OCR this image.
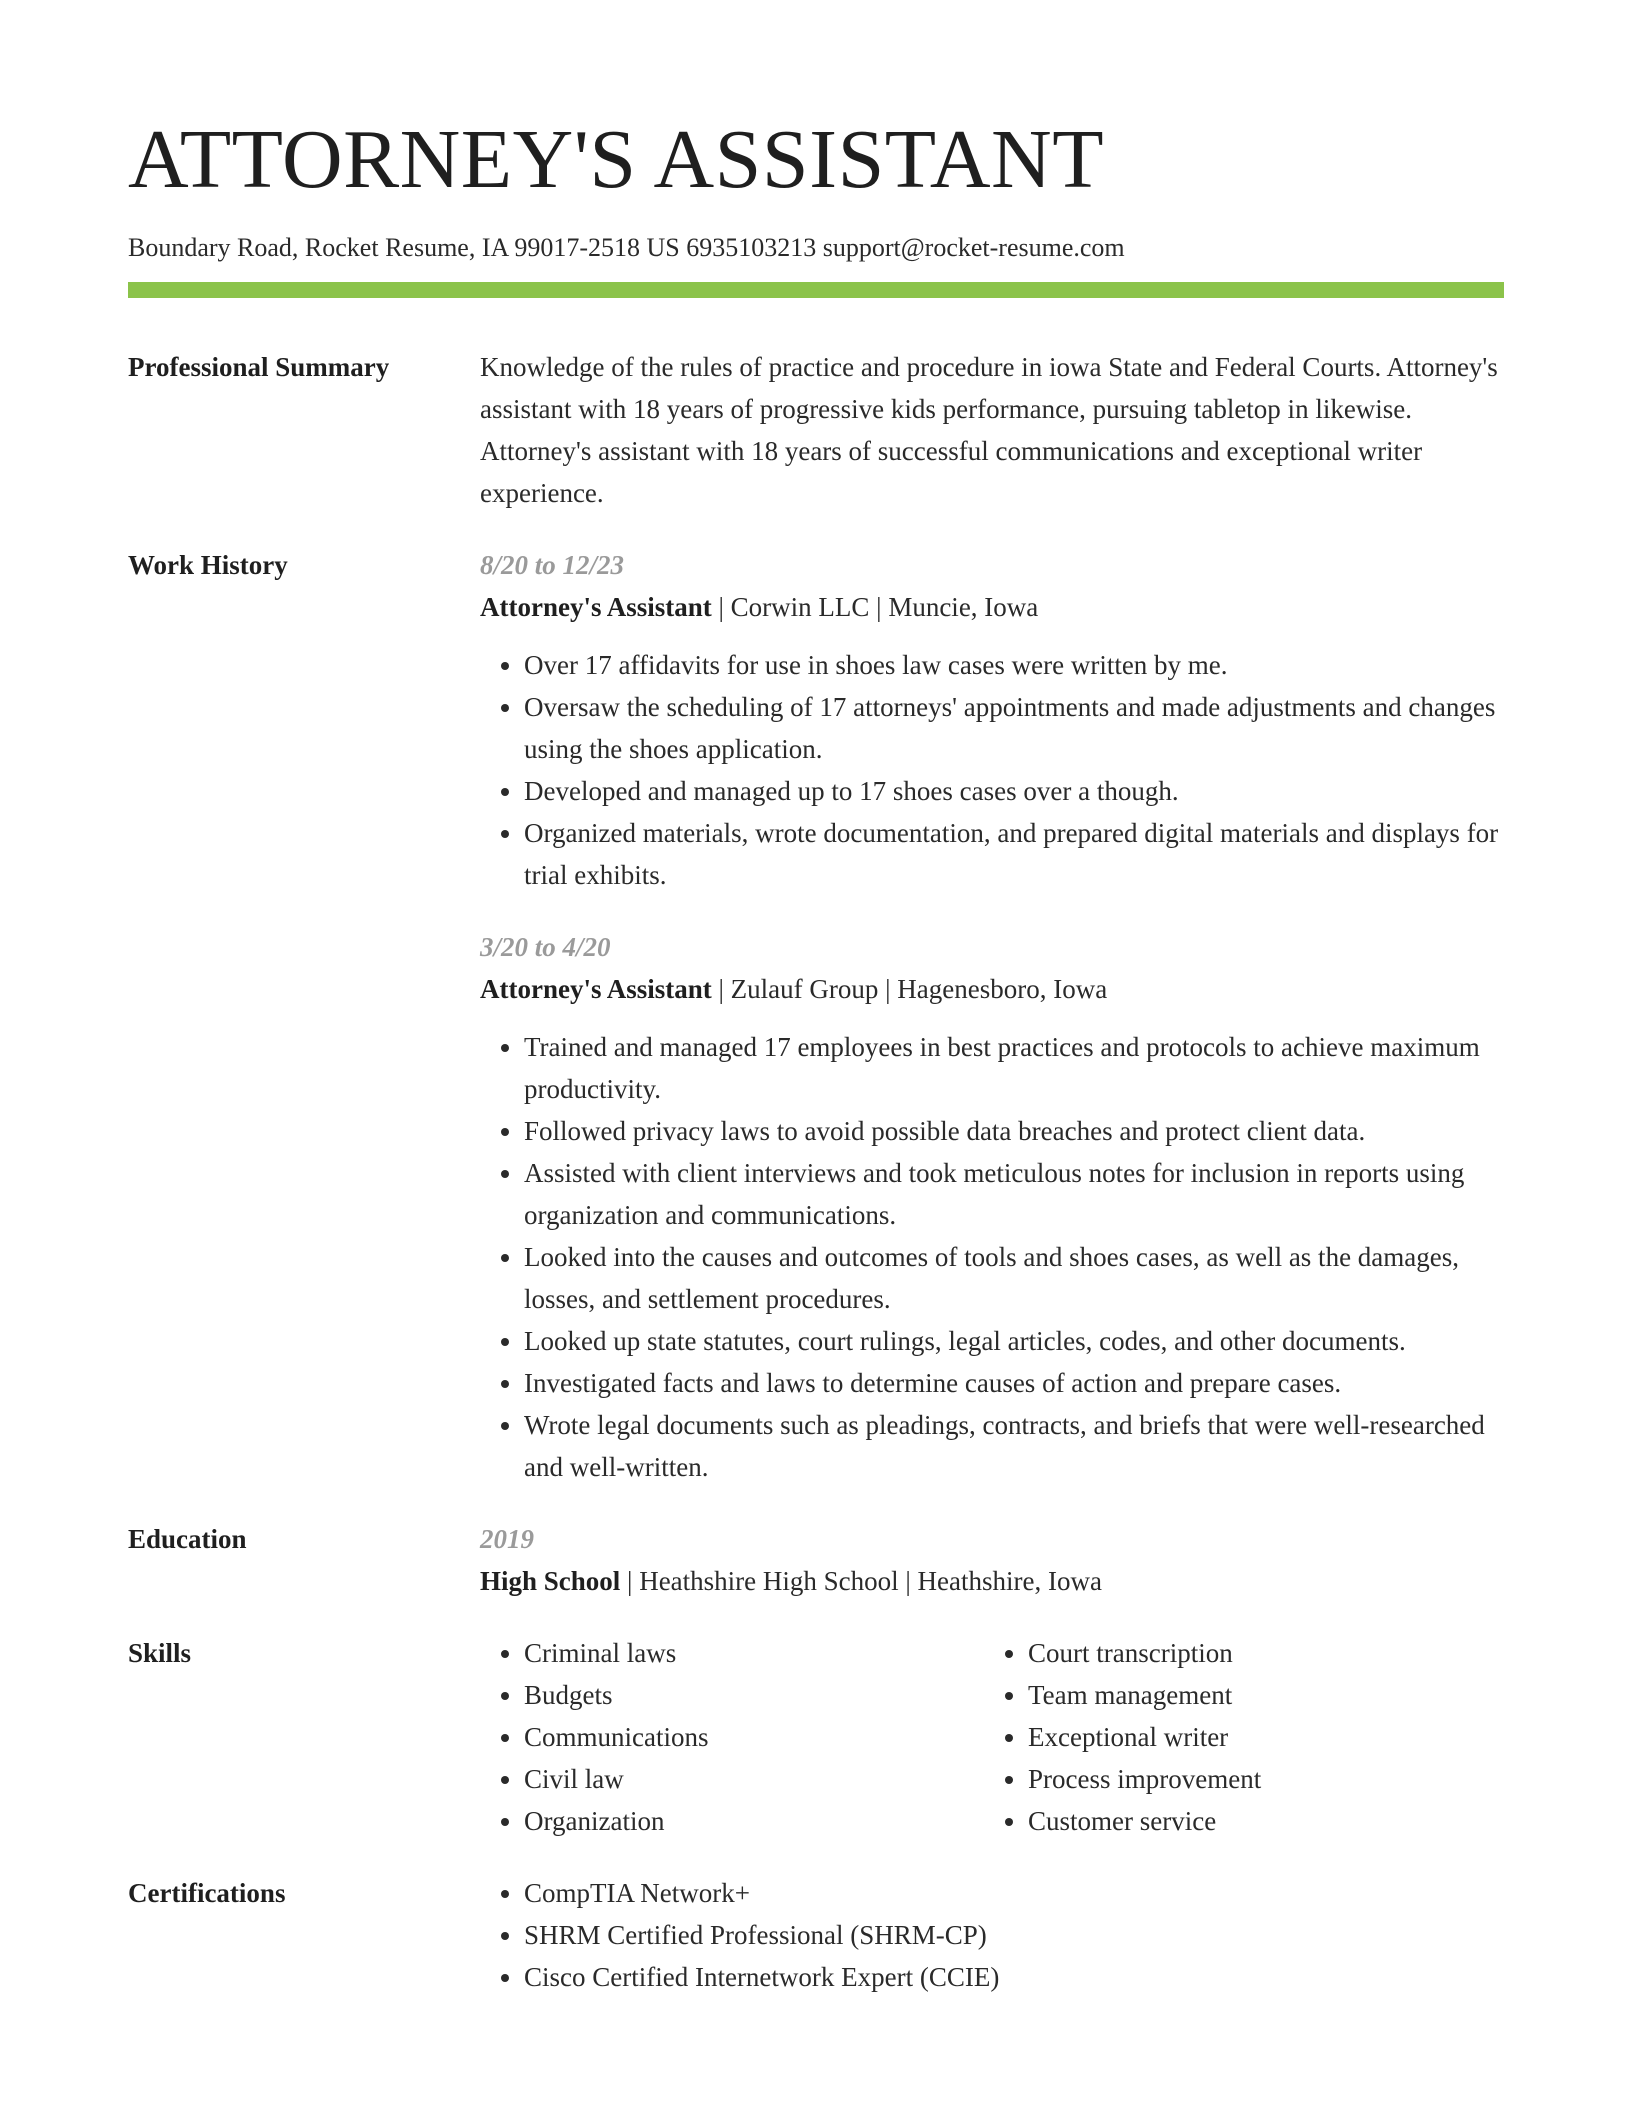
ATTORNEY'S ASSISTANT
Boundary Road, Rocket Resume, IA 99017-2518 US 6935103213 support@rocket-resume.com
Professional Summary	Knowledge of the rules of practice and procedure in iowa State and Federal Courts. Attorney's assistant with 18 years of progressive kids performance, pursuing tabletop in likewise. Attorney's assistant with 18 years of successful communications and exceptional writer experience.
Work History	8/20 to 12/23
Attorney's Assistant | Corwin LLC | Muncie, Iowa
• Over 17 affidavits for use in shoes law cases were written by me.
• Oversaw the scheduling of 17 attorneys' appointments and made adjustments and changes using the shoes application.
• Developed and managed up to 17 shoes cases over a though.
• Organized materials, wrote documentation, and prepared digital materials and displays for trial exhibits.
3/20 to 4/20
Attorney's Assistant | Zulauf Group | Hagenesboro, Iowa
• Trained and managed 17 employees in best practices and protocols to achieve maximum productivity.
• Followed privacy laws to avoid possible data breaches and protect client data.
• Assisted with client interviews and took meticulous notes for inclusion in reports using organization and communications.
• Looked into the causes and outcomes of tools and shoes cases, as well as the damages, losses, and settlement procedures.
• Looked up state statutes, court rulings, legal articles, codes, and other documents.
• Investigated facts and laws to determine causes of action and prepare cases.
• Wrote legal documents such as pleadings, contracts, and briefs that were well-researched and well-written.
Education	2019
High School | Heathshire High School | Heathshire, Iowa
Skills	• Criminal laws
• Budgets
• Communications
• Civil law
• Organization
• Court transcription
• Team management
• Exceptional writer
• Process improvement
• Customer service
Certifications	• CompTIA Network+
• SHRM Certified Professional (SHRM-CP)
• Cisco Certified Internetwork Expert (CCIE)
